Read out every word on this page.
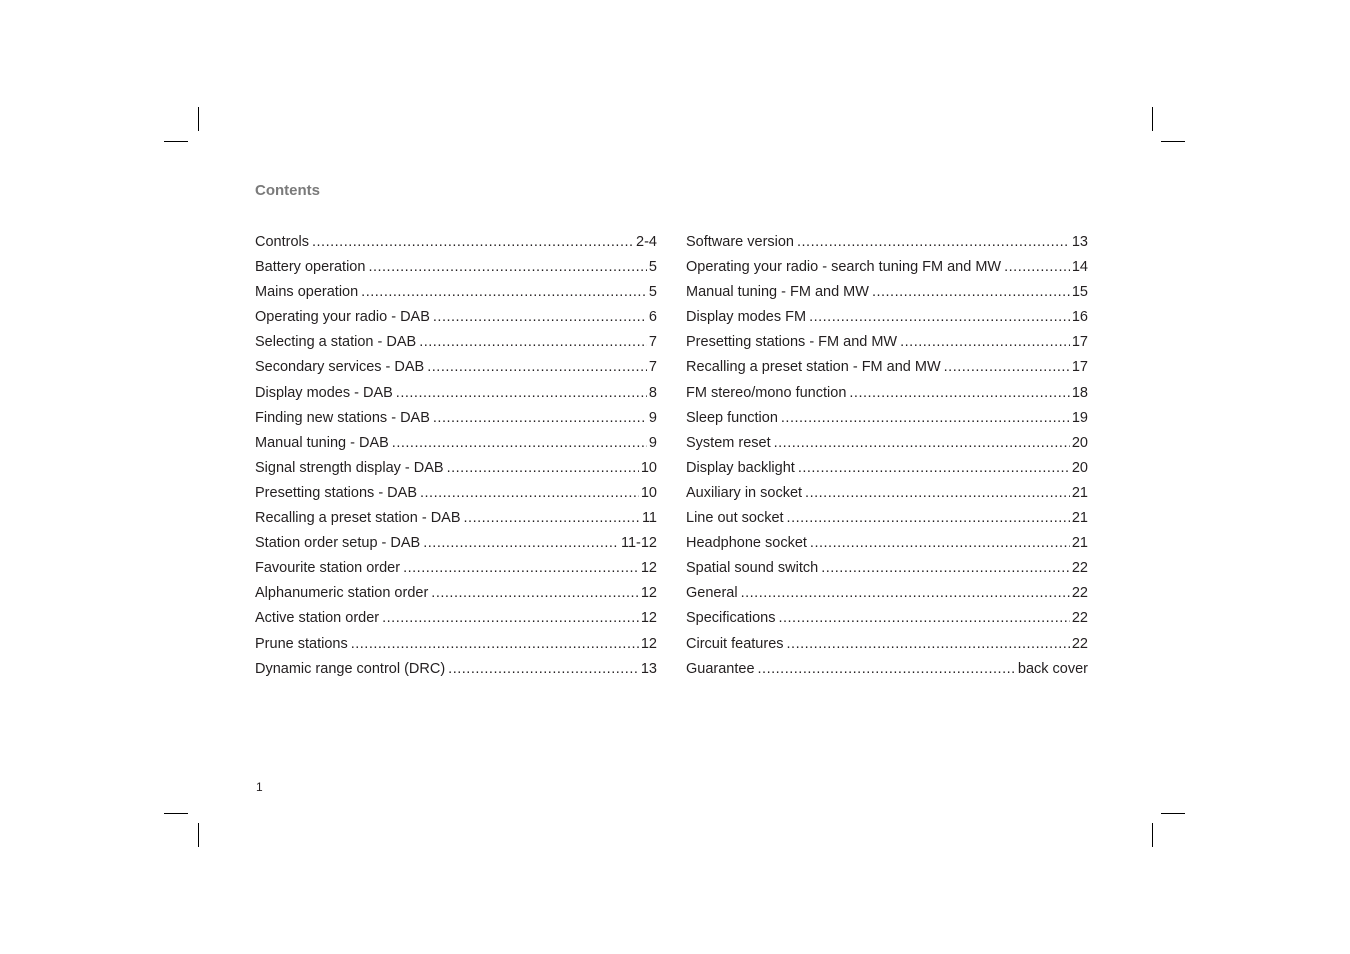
Contents
Controls .....	2-4
Battery operation .....	5
Mains operation .....	5
Operating your radio - DAB .....	6
Selecting a station - DAB .....	7
Secondary services - DAB .....	7
Display modes - DAB .....	8
Finding new stations - DAB .....	9
Manual tuning - DAB .....	9
Signal strength display - DAB .....	10
Presetting stations - DAB .....	10
Recalling a preset station - DAB .....	11
Station order setup - DAB .....	11-12
Favourite station order .....	12
Alphanumeric station order .....	12
Active station order .....	12
Prune stations .....	12
Dynamic range control (DRC) .....	13
Software version .....	13
Operating your radio - search tuning FM and MW .....	14
Manual tuning - FM and MW .....	15
Display modes FM .....	16
Presetting stations - FM and MW .....	17
Recalling a preset station - FM and MW .....	17
FM stereo/mono function .....	18
Sleep function .....	19
System reset .....	20
Display backlight .....	20
Auxiliary in socket .....	21
Line out socket .....	21
Headphone socket .....	21
Spatial sound switch .....	22
General .....	22
Specifications .....	22
Circuit features .....	22
Guarantee .....	back cover

1
